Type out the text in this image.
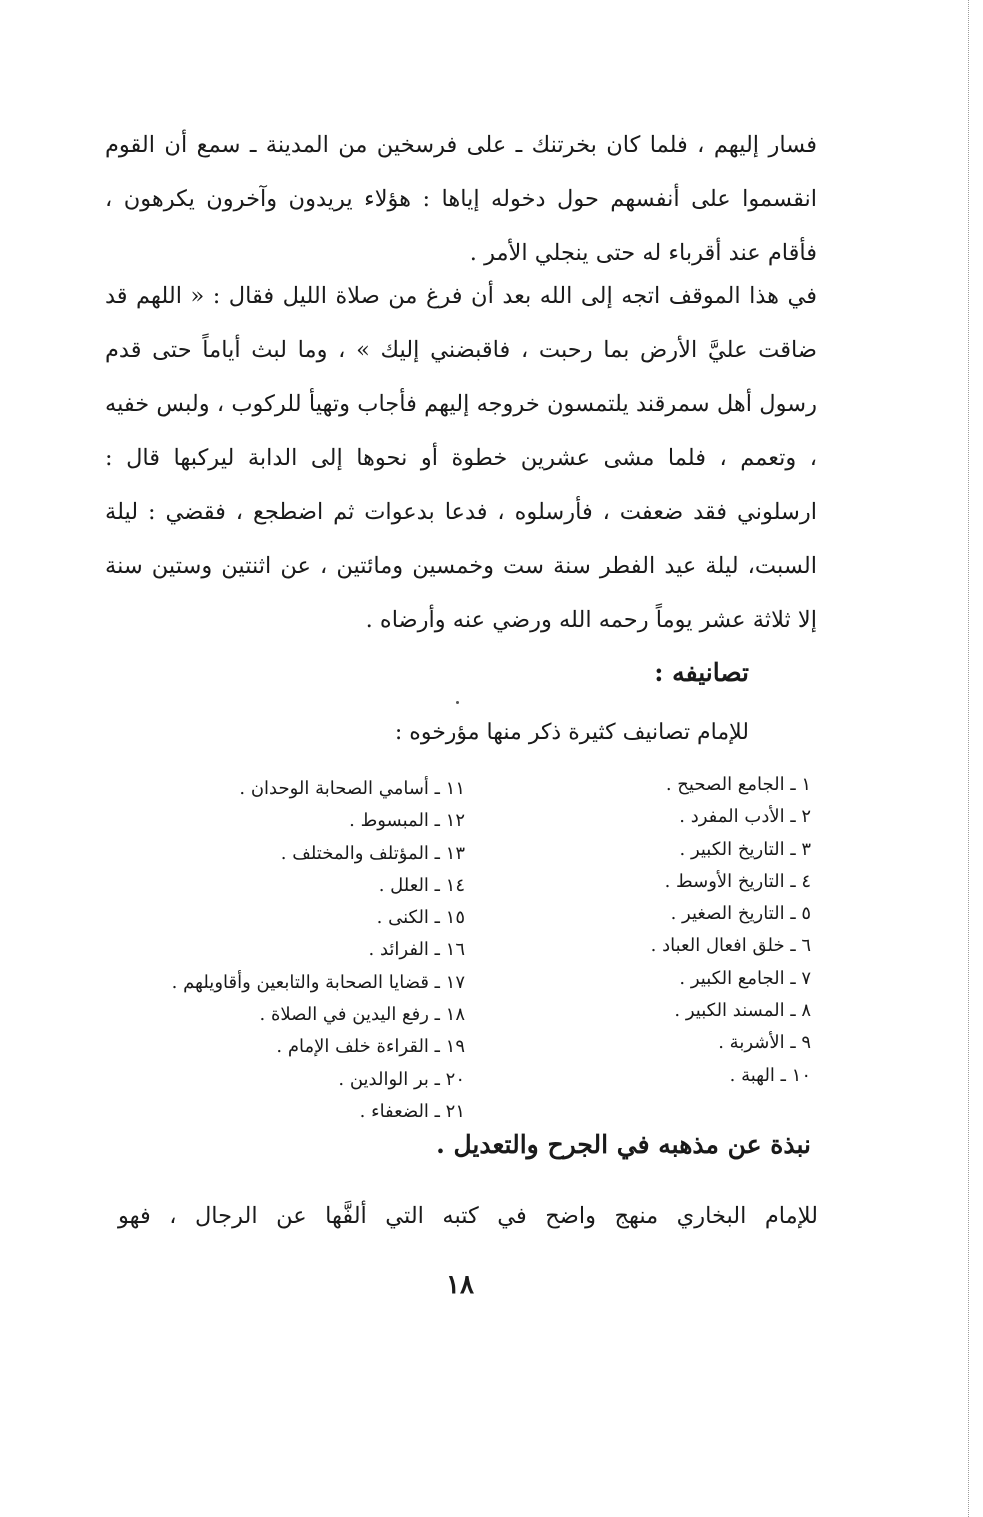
فسار إليهم ، فلما كان بخرتنك ـ على فرسخين من المدينة ـ سمع أن القوم انقسموا على أنفسهم حول دخوله إياها : هؤلاء يريدون وآخرون يكرهون ، فأقام عند أقرباء له حتى ينجلي الأمر .

في هذا الموقف اتجه إلى الله بعد أن فرغ من صلاة الليل فقال : « اللهم قد ضاقت عليَّ الأرض بما رحبت ، فاقبضني إليك » ، وما لبث أياماً حتى قدم رسول أهل سمرقند يلتمسون خروجه إليهم فأجاب وتهيأ للركوب ، ولبس خفيه ، وتعمم ، فلما مشى عشرين خطوة أو نحوها إلى الدابة ليركبها قال : ارسلوني فقد ضعفت ، فأرسلوه ، فدعا بدعوات ثم اضطجع ، فقضي : ليلة السبت، ليلة عيد الفطر سنة ست وخمسين ومائتين ، عن اثنتين وستين سنة إلا ثلاثة عشر يوماً رحمه الله ورضي عنه وأرضاه .

تصانيفه :

للإمام تصانيف كثيرة ذكر منها مؤرخوه :

١ ـ الجامع الصحيح .
٢ ـ الأدب المفرد .
٣ ـ التاريخ الكبير .
٤ ـ التاريخ الأوسط .
٥ ـ التاريخ الصغير .
٦ ـ خلق افعال العباد .
٧ ـ الجامع الكبير .
٨ ـ المسند الكبير .
٩ ـ الأشربة .
١٠ ـ الهبة .
١١ ـ أسامي الصحابة الوحدان .
١٢ ـ المبسوط .
١٣ ـ المؤتلف والمختلف .
١٤ ـ العلل .
١٥ ـ الكنى .
١٦ ـ الفرائد .
١٧ ـ قضايا الصحابة والتابعين وأقاويلهم .
١٨ ـ رفع اليدين في الصلاة .
١٩ ـ القراءة خلف الإمام .
٢٠ ـ بر الوالدين .
٢١ ـ الضعفاء .
نبذة عن مذهبه في الجرح والتعديل .

للإمام البخاري منهج واضح في كتبه التي ألفَّها عن الرجال ، فهو

١٨
